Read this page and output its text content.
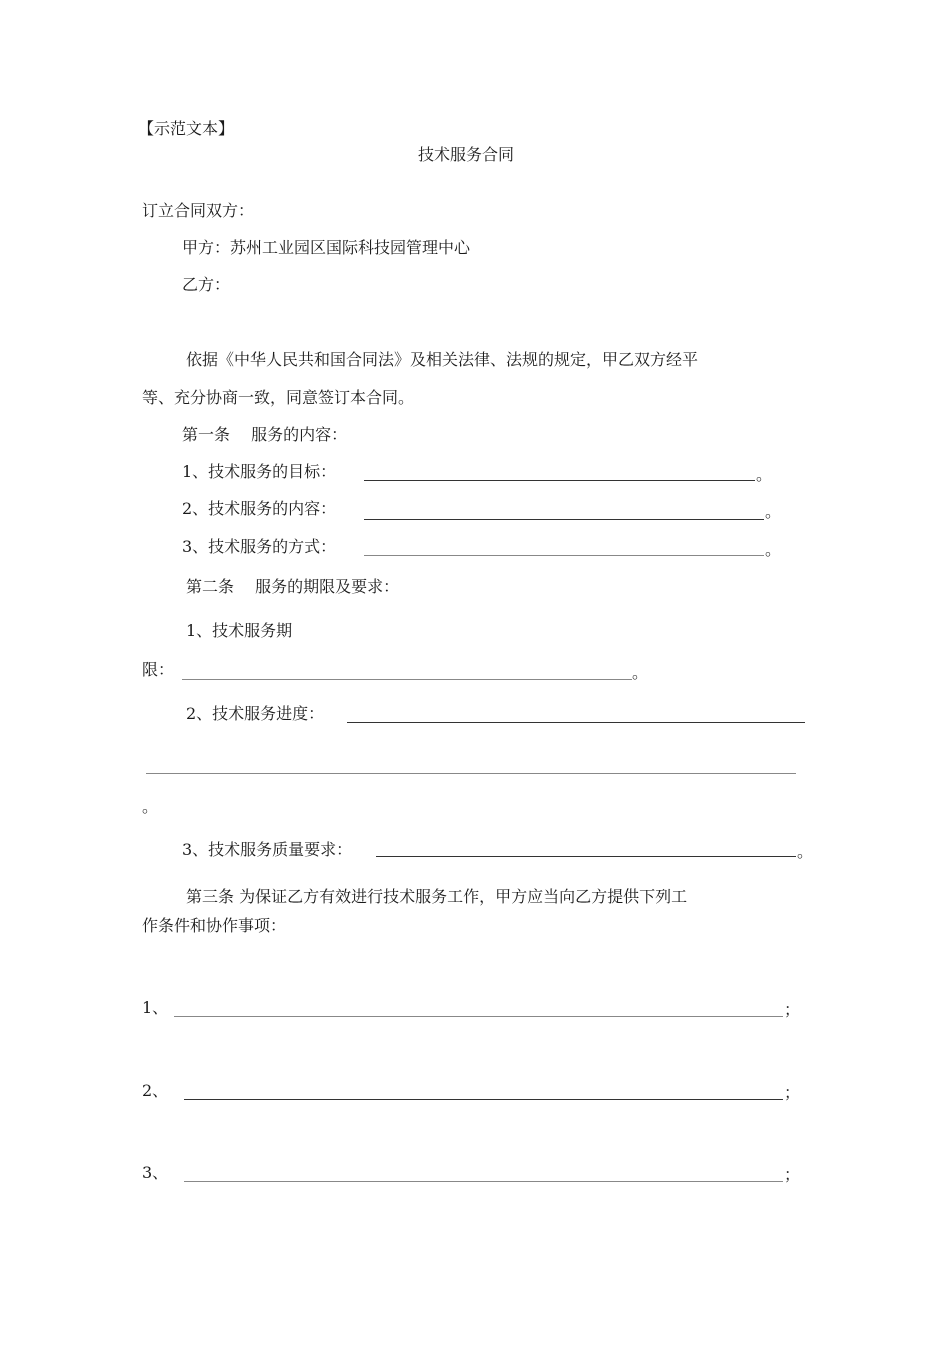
【示范文本】
技术服务合同
订立合同双方：
甲方：苏州工业园区国际科技园管理中心
乙方：
依据《中华人民共和国合同法》及相关法律、法规的规定，甲乙双方经平
等、充分协商一致，同意签订本合同。
第一条　 服务的内容：
1、技术服务的目标：	。
2、技术服务的内容：	。
3、技术服务的方式：	。
第二条　 服务的期限及要求：
1、技术服务期
限：	。
2、技术服务进度：
。
3、技术服务质量要求：	。
第三条 为保证乙方有效进行技术服务工作，甲方应当向乙方提供下列工
作条件和协作事项：
1、	；
2、	；
3、	；
